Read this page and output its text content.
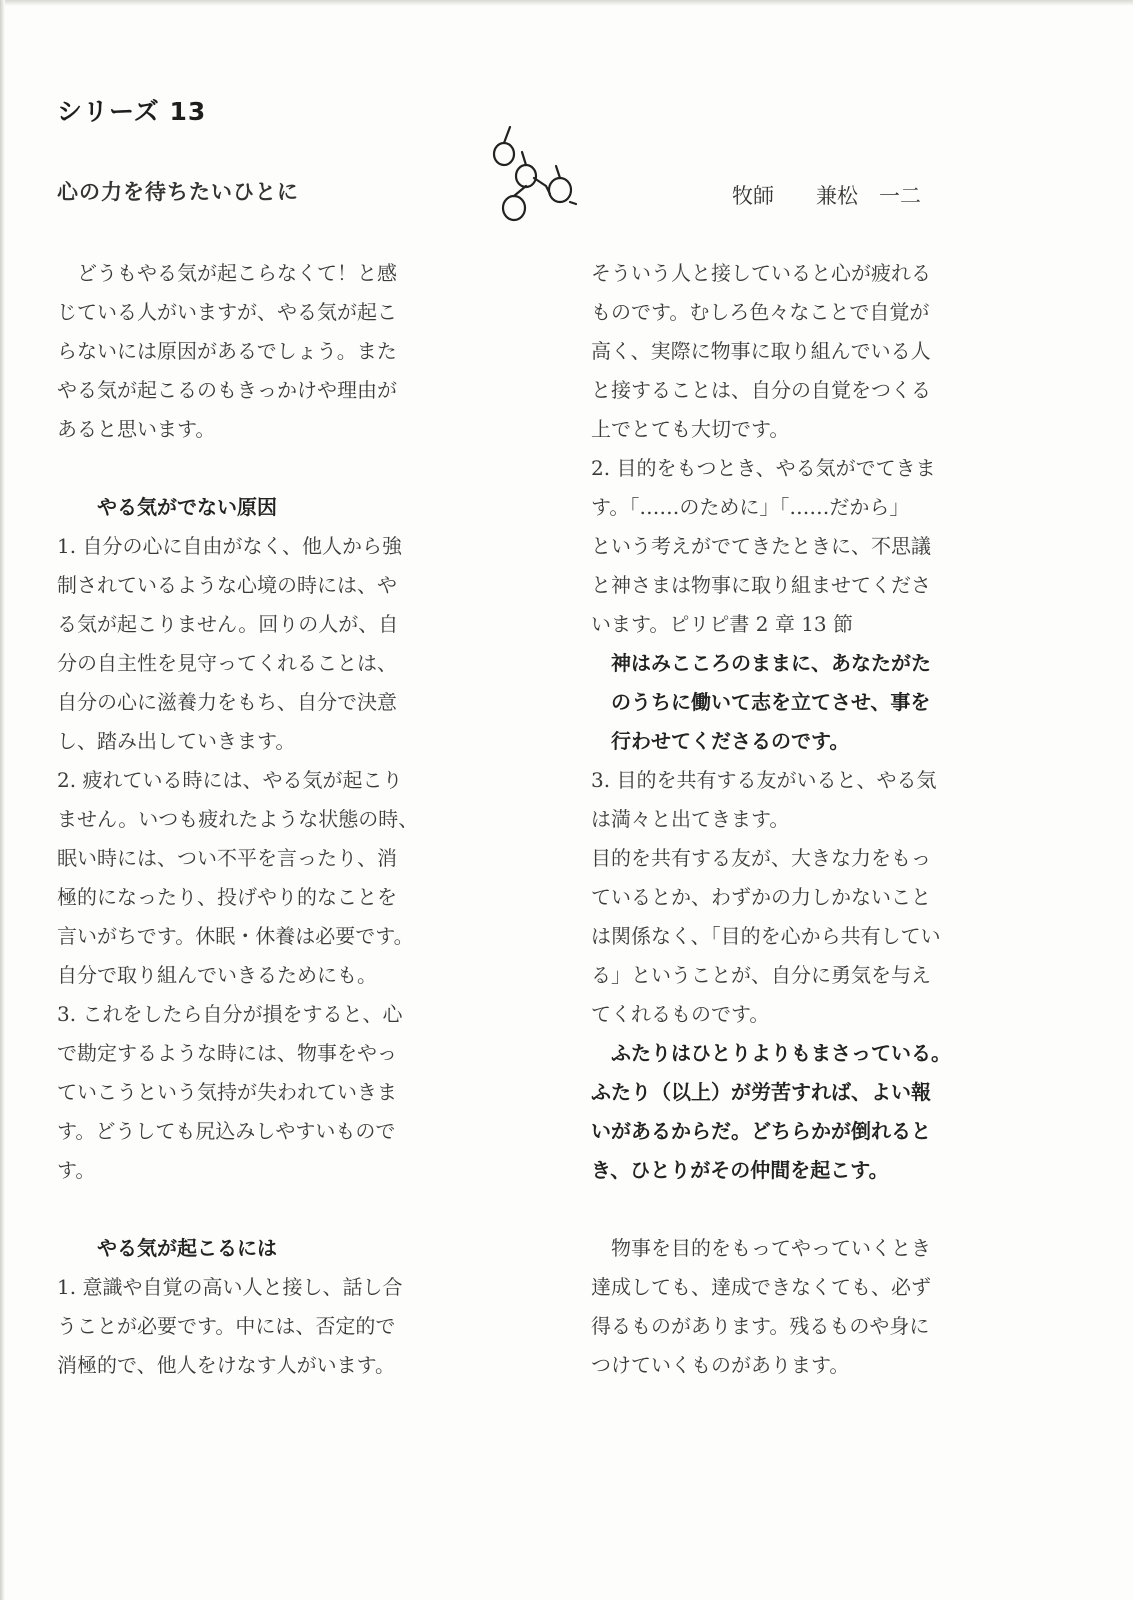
シリーズ 13
心の力を待ちたいひとに	牧師　　兼松　一二

　どうもやる気が起こらなくて！と感

じている人がいますが、やる気が起こ

らないには原因があるでしょう。また

やる気が起こるのもきっかけや理由が

あると思います。

　　やる気がでない原因

1. 自分の心に自由がなく、他人から強

制されているような心境の時には、や

る気が起こりません。回りの人が、自

分の自主性を見守ってくれることは、

自分の心に滋養力をもち、自分で決意

し、踏み出していきます。

2. 疲れている時には、やる気が起こり

ません。いつも疲れたような状態の時、

眠い時には、つい不平を言ったり、消

極的になったり、投げやり的なことを

言いがちです。休眠・休養は必要です。

自分で取り組んでいきるためにも。

3. これをしたら自分が損をすると、心

で勘定するような時には、物事をやっ

ていこうという気持が失われていきま

す。どうしても尻込みしやすいもので

す。

　　やる気が起こるには

1. 意識や自覚の高い人と接し、話し合

うことが必要です。中には、否定的で

消極的で、他人をけなす人がいます。

そういう人と接していると心が疲れる

ものです。むしろ色々なことで自覚が

高く、実際に物事に取り組んでいる人

と接することは、自分の自覚をつくる

上でとても大切です。

2. 目的をもつとき、やる気がでてきま

す。「……のために」「……だから」

という考えがでてきたときに、不思議

と神さまは物事に取り組ませてくださ

います。ピリピ書 2 章 13 節

　神はみこころのままに、あなたがた

　のうちに働いて志を立てさせ、事を

　行わせてくださるのです。

3. 目的を共有する友がいると、やる気

は満々と出てきます。

目的を共有する友が、大きな力をもっ

ているとか、わずかの力しかないこと

は関係なく、「目的を心から共有してい

る」ということが、自分に勇気を与え

てくれるものです。

　ふたりはひとりよりもまさっている。

ふたり（以上）が労苦すれば、よい報

いがあるからだ。どちらかが倒れると

き、ひとりがその仲間を起こす。

　物事を目的をもってやっていくとき

達成しても、達成できなくても、必ず

得るものがあります。残るものや身に

つけていくものがあります。
